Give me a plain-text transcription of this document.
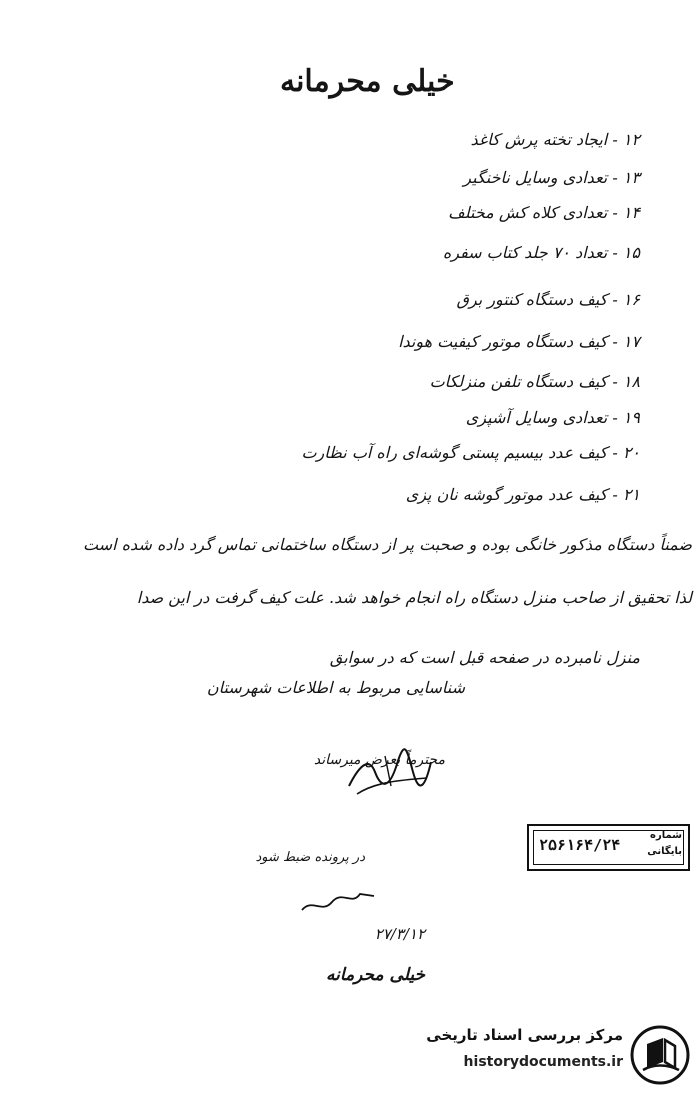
خیلی محرمانه
۱۲ - ایجاد تخته پرش کاغذ
۱۳ - تعدادی وسایل ناخنگیر
۱۴ - تعدادی کلاه کش مختلف
۱۵ - تعداد ۷۰ جلد کتاب سفره
۱۶ - کیف دستگاه کنتور برق
۱۷ - کیف دستگاه موتور کیفیت هوندا
۱۸ - کیف دستگاه تلفن منزلکات
۱۹ - تعدادی وسایل آشپزی
۲۰ - کیف عدد بیسیم پستی گوشه‌ای راه آب نظارت
۲۱ - کیف عدد موتور گوشه نان پزی
ضمناً دستگاه مذکور خانگی بوده و صحبت پر از دستگاه ساختمانی تماس گرد داده شده است
لذا تحقیق از صاحب منزل دستگاه راه انجام خواهد شد. علت کیف گرفت در این صدا
منزل نامبرده در صفحه قبل است که در سوابق
شناسایی مربوط به اطلاعات شهرستان
محترماً بعرض میرساند
شماره
بایگانی
۲۵۶۱۶۴/۲۴
در پرونده ضبط شود
۲۷/۳/۱۲
خیلی محرمانه
مرکز بررسی اسناد تاریخی
historydocuments.ir
